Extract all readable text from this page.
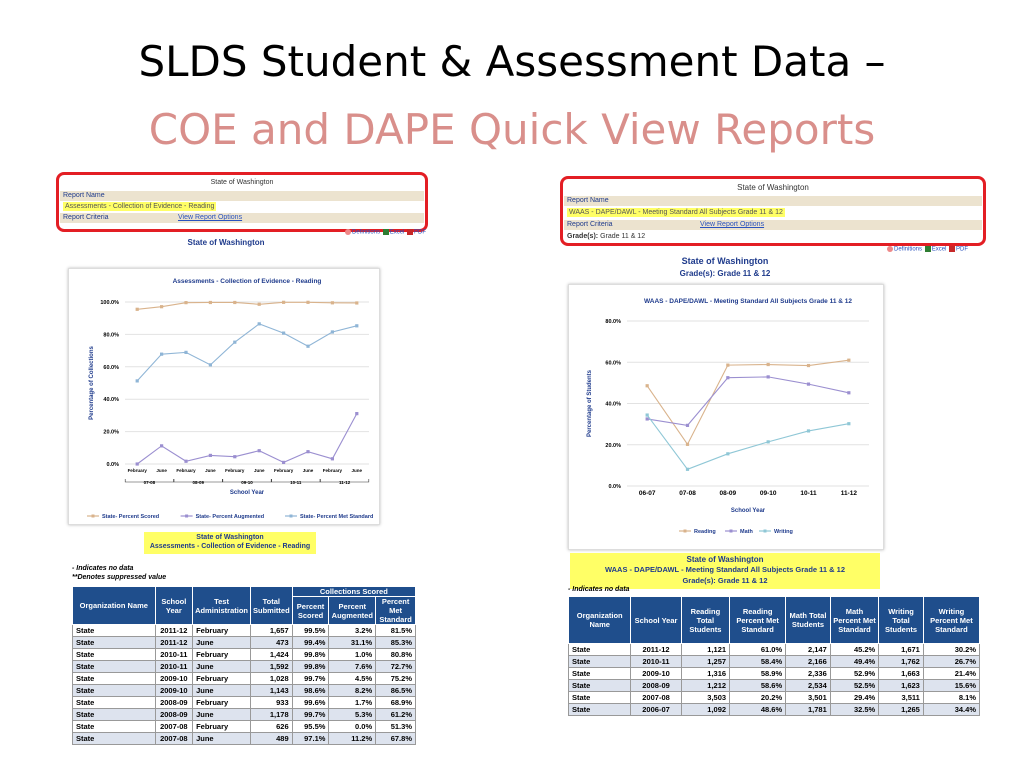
SLDS Student & Assessment Data –
COE and DAPE Quick View Reports
State of Washington
Report Name
Assessments - Collection of Evidence - Reading
Report Criteria	View Report Options
Definitions Excel PDF
State of Washington
Assessments - Collection of Evidence - Reading
0.0%
20.0%
40.0%
60.0%
80.0%
100.0%
Percentage of Collections
February June February June February June February June February June
07-08	08-09	09-10	10-11	11-12
School Year
State- Percent Scored	State- Percent Augmented	State- Percent Met Standard
State of Washington
Assessments - Collection of Evidence - Reading
- Indicates no data
**Denotes suppressed value
Organization Name	School Year	Test Administration	Total Submitted	Collections Scored		
				Percent Scored	Percent Augmented	Percent Met Standard
State	2011-12	February	1,657	99.5%	3.2%	81.5%
State	2011-12	June	473	99.4%	31.1%	85.3%
State	2010-11	February	1,424	99.8%	1.0%	80.8%
State	2010-11	June	1,592	99.8%	7.6%	72.7%
State	2009-10	February	1,028	99.7%	4.5%	75.2%
State	2009-10	June	1,143	98.6%	8.2%	86.5%
State	2008-09	February	933	99.6%	1.7%	68.9%
State	2008-09	June	1,178	99.7%	5.3%	61.2%
State	2007-08	February	626	95.5%	0.0%	51.3%
State	2007-08	June	489	97.1%	11.2%	67.8%
State of Washington
Report Name
WAAS - DAPE/DAWL - Meeting Standard All Subjects Grade 11 & 12
Report Criteria	View Report Options
Grade(s): Grade 11 & 12
Definitions Excel PDF
State of Washington
Grade(s): Grade 11 & 12
WAAS - DAPE/DAWL - Meeting Standard All Subjects Grade 11 & 12
0.0%
20.0%
40.0%
60.0%
80.0%
Percentage of Students
06-07	07-08	08-09	09-10	10-11	11-12
School Year
Reading	Math	Writing
State of Washington
WAAS - DAPE/DAWL - Meeting Standard All Subjects Grade 11 & 12
Grade(s): Grade 11 & 12
- Indicates no data
Organization Name	School Year	Reading Total Students	Reading Percent Met Standard	Math Total Students	Math Percent Met Standard	Writing Total Students	Writing Percent Met Standard
State	2011-12	1,121	61.0%	2,147	45.2%	1,671	30.2%
State	2010-11	1,257	58.4%	2,166	49.4%	1,762	26.7%
State	2009-10	1,316	58.9%	2,336	52.9%	1,663	21.4%
State	2008-09	1,212	58.6%	2,534	52.5%	1,623	15.6%
State	2007-08	3,503	20.2%	3,501	29.4%	3,511	8.1%
State	2006-07	1,092	48.6%	1,781	32.5%	1,265	34.4%
